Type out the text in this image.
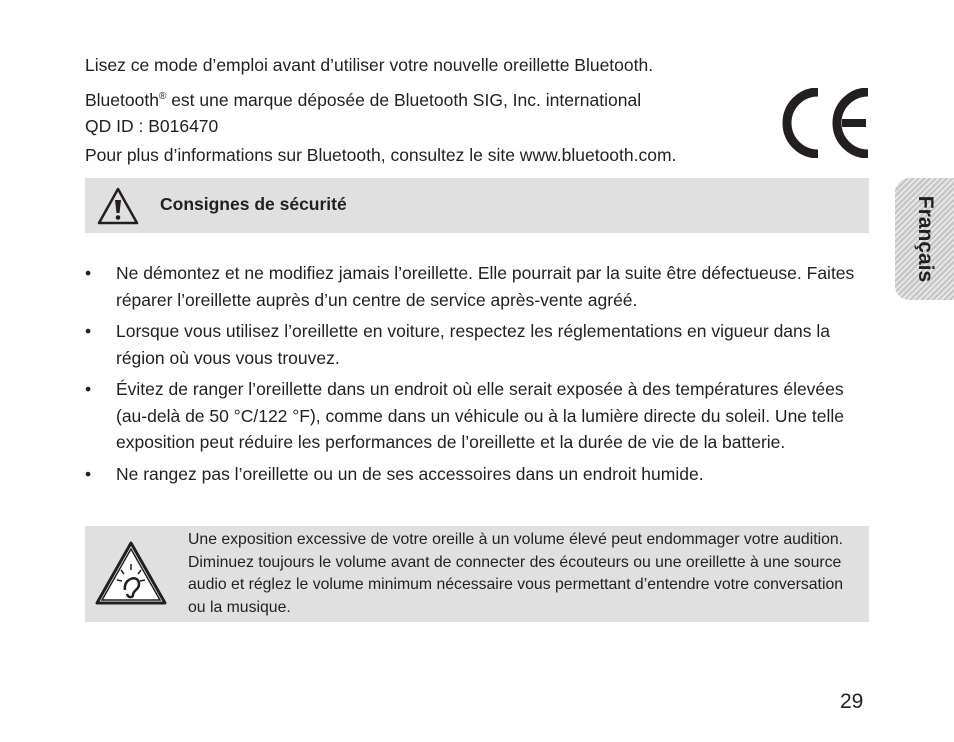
Lisez ce mode d’emploi avant d’utiliser votre nouvelle oreillette Bluetooth.

Bluetooth® est une marque déposée de Bluetooth SIG, Inc. international
QD ID : B016470

Pour plus d’informations sur Bluetooth, consultez le site www.bluetooth.com.

Consignes de sécurité
• Ne démontez et ne modifiez jamais l’oreillette. Elle pourrait par la suite être défectueuse. Faites réparer l’oreillette auprès d’un centre de service après-vente agréé.
• Lorsque vous utilisez l’oreillette en voiture, respectez les réglementations en vigueur dans la région où vous vous trouvez.
• Évitez de ranger l’oreillette dans un endroit où elle serait exposée à des températures élevées (au-delà de 50 °C/122 °F), comme dans un véhicule ou à la lumière directe du soleil. Une telle exposition peut réduire les performances de l’oreillette et la durée de vie de la batterie.
• Ne rangez pas l’oreillette ou un de ses accessoires dans un endroit humide.
Une exposition excessive de votre oreille à un volume élevé peut endommager votre audition. Diminuez toujours le volume avant de connecter des écouteurs ou une oreillette à une source audio et réglez le volume minimum nécessaire vous permettant d’entendre votre conversation ou la musique.
Français
29
